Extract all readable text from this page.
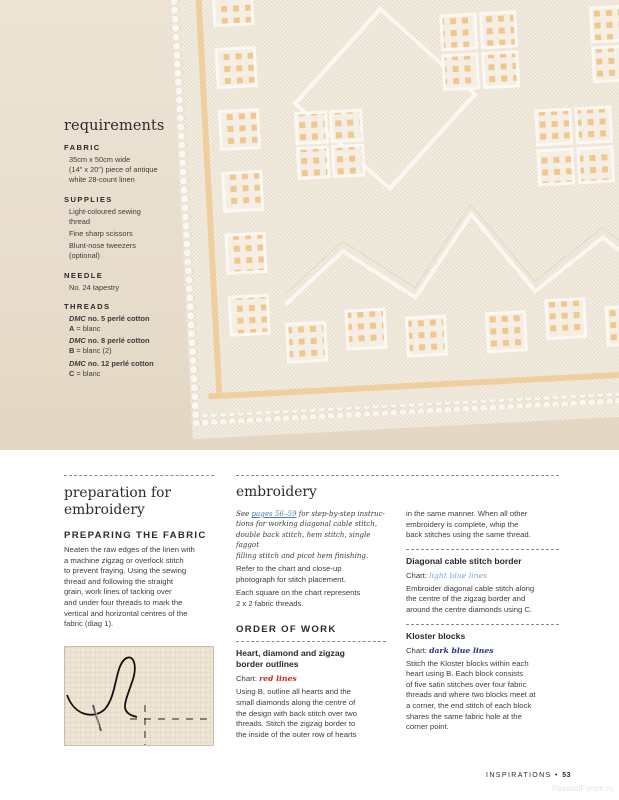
requirements
FABRIC
35cm x 50cm wide
(14" x 20") piece of antique
white 28-count linen
SUPPLIES
Light-coloured sewing
thread
Fine sharp scissors
Blunt-nose tweezers
(optional)
NEEDLE
No. 24 tapestry
THREADS
DMC no. 5 perlé cotton
A = blanc
DMC no. 8 perlé cotton
B = blanc (2)
DMC no. 12 perlé cotton
C = blanc
preparation for
embroidery
PREPARING THE FABRIC
Neaten the raw edges of the linen with
a machine zigzag or overlock stitch
to prevent fraying. Using the sewing
thread and following the straight
grain, work lines of tacking over
and under four threads to mark the
vertical and horizontal centres of the
fabric (diag 1).
embroidery
See pages 56–59 for step-by-step instruc-
tions for working diagonal cable stitch,
double back stitch, hem stitch, single faggot
filling stitch and picot hem finishing.
Refer to the chart and close-up
photograph for stitch placement.
Each square on the chart represents
2 x 2 fabric threads.
ORDER OF WORK
Heart, diamond and zigzag
border outlines
Chart: red lines
Using B, outline all hearts and the
small diamonds along the centre of
the design with back stitch over two
threads. Stitch the zigzag border to
the inside of the outer row of hearts
in the same manner. When all other
embroidery is complete, whip the
back stitches using the same thread.
Diagonal cable stitch border
Chart: light blue lines
Embroider diagonal cable stitch along
the centre of the zigzag border and
around the centre diamonds using C.
Kloster blocks
Chart: dark blue lines
Stitch the Kloster blocks within each
heart using B. Each block consists
of five satin stitches over four fabric
threads and where two blocks meet at
a corner, the end stitch of each block
shares the same fabric hole at the
corner point.
INSPIRATIONS • 53
PassionForum.ru
